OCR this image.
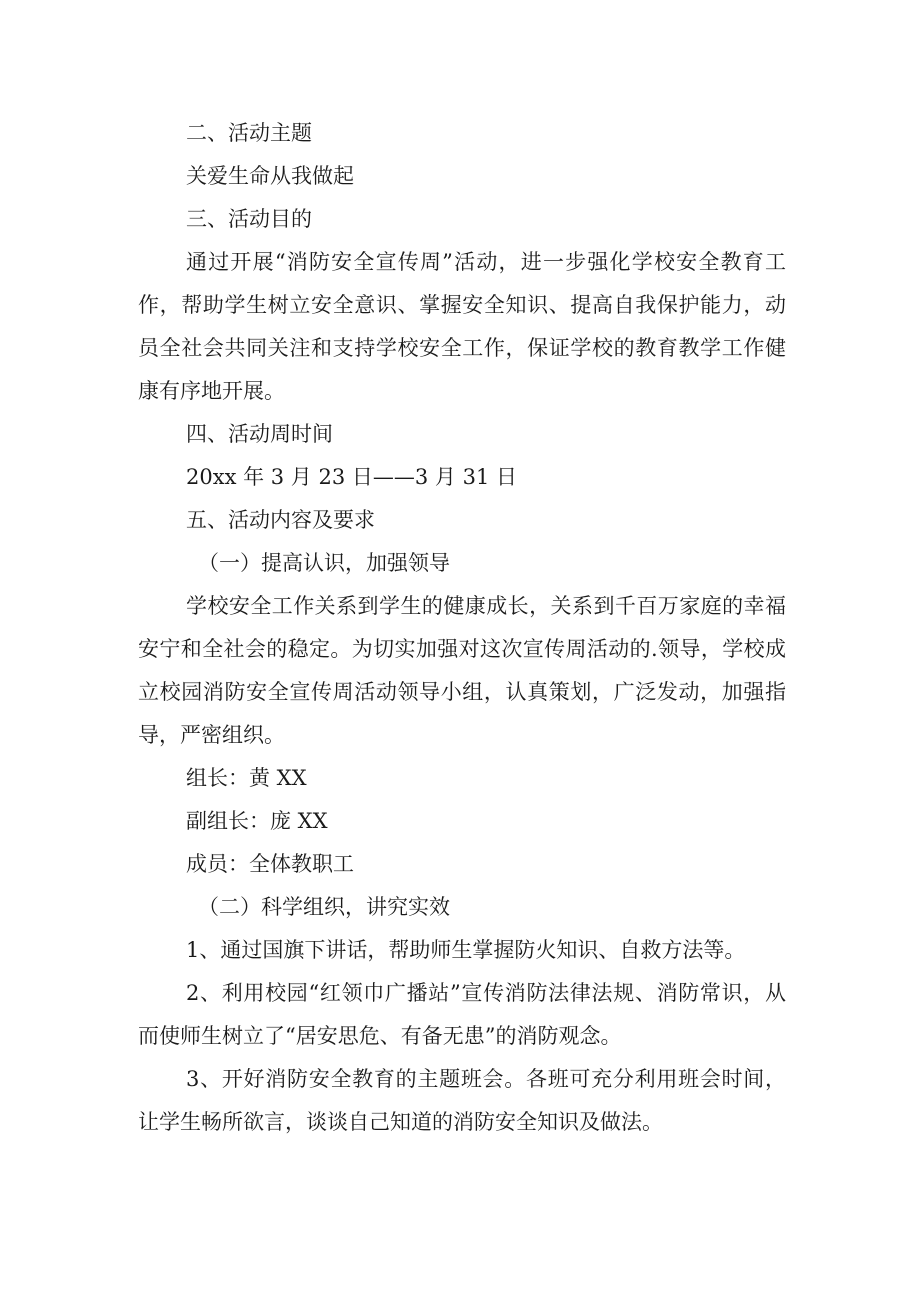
二、活动主题

关爱生命从我做起

三、活动目的

通过开展“消防安全宣传周”活动，进一步强化学校安全教育工作，帮助学生树立安全意识、掌握安全知识、提高自我保护能力，动员全社会共同关注和支持学校安全工作，保证学校的教育教学工作健康有序地开展。

四、活动周时间

20xx 年 3 月 23 日——3 月 31 日

五、活动内容及要求

（一）提高认识，加强领导

学校安全工作关系到学生的健康成长，关系到千百万家庭的幸福安宁和全社会的稳定。为切实加强对这次宣传周活动的.领导，学校成立校园消防安全宣传周活动领导小组，认真策划，广泛发动，加强指导，严密组织。

组长：黄 XX

副组长：庞 XX

成员：全体教职工

（二）科学组织，讲究实效

1、通过国旗下讲话，帮助师生掌握防火知识、自救方法等。

2、利用校园“红领巾广播站”宣传消防法律法规、消防常识，从而使师生树立了“居安思危、有备无患”的消防观念。

3、开好消防安全教育的主题班会。各班可充分利用班会时间，让学生畅所欲言，谈谈自己知道的消防安全知识及做法。
